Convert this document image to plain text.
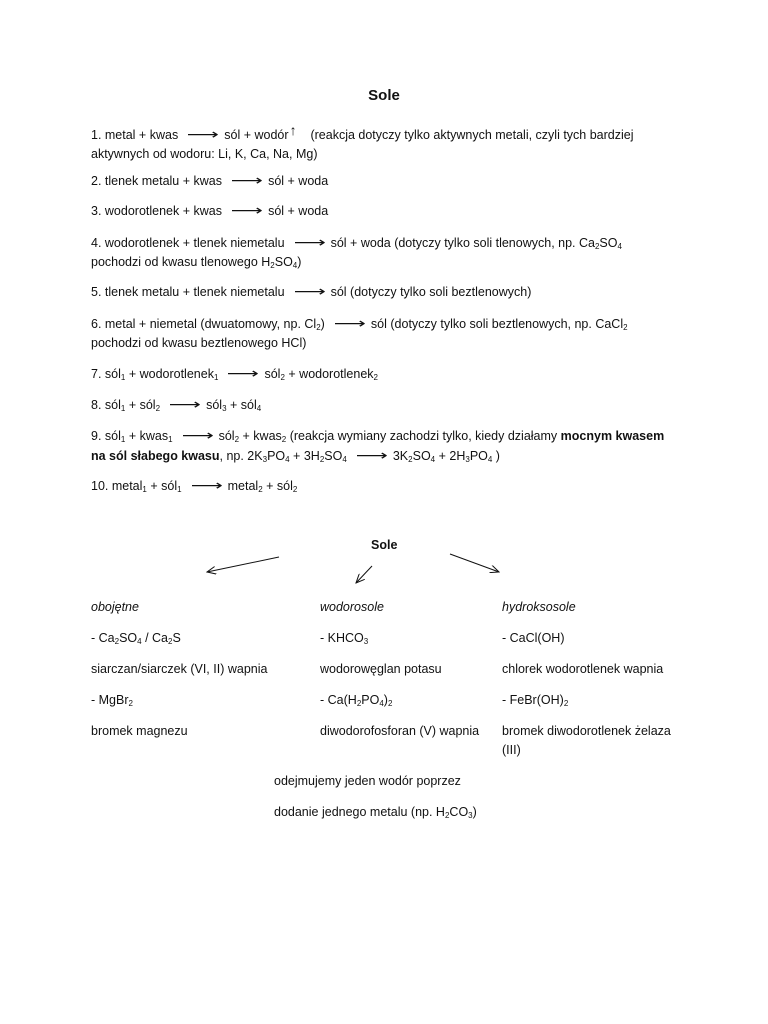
Sole

1. metal + kwas ⟶ sól + wodór↑ (reakcja dotyczy tylko aktywnych metali, czyli tych bardziej aktywnych od wodoru: Li, K, Ca, Na, Mg)

2. tlenek metalu + kwas ⟶ sól + woda

3. wodorotlenek + kwas ⟶ sól + woda

4. wodorotlenek + tlenek niemetalu ⟶ sól + woda (dotyczy tylko soli tlenowych, np. $Ca_2SO_4$
pochodzi od kwasu tlenowego $H_2SO_4$)

5. tlenek metalu + tlenek niemetalu ⟶ sól (dotyczy tylko soli beztlenowych)

6. metal + niemetal (dwuatomowy, np. $Cl_2$) ⟶ sól (dotyczy tylko soli beztlenowych, np. CaCl$_2$
pochodzi od kwasu beztlenowego HCl)

7. sól$_1$ + wodorotlenek$_1$ ⟶ sól$_2$ + wodorotlenek$_2$

8. sól$_1$ + sól$_2$ ⟶ sól$_3$ + sól$_4$

9. sól$_1$ + kwas$_1$ ⟶ sól$_2$ + kwas$_2$ (reakcja wymiany zachodzi tylko, kiedy działamy mocnym kwasem
na sól słabego kwasu, np. $2K_3PO_4 + 3H_2SO_4$ ⟶ $3K_2SO_4 + 2H_3PO_4$ )

10. metal$_1$ + sól$_1$ ⟶ metal$_2$ + sól$_2$

Sole

obojętne

- $Ca_2SO_4 / Ca_2S$

siarczan/siarczek (VI, II) wapnia

- MgBr$_2$

bromek magnezu

wodorosole

- $KHCO_3$

wodorowęglan potasu

- $Ca(H_2PO_4)_2$

diwodorofosforan (V) wapnia

hydroksosole

- CaCl(OH)

chlorek wodorotlenek wapnia

- $FeBr(OH)_2$

bromek diwodorotlenek żelaza (III)

odejmujemy jeden wodór poprzez

dodanie jednego metalu (np. $H_2CO_3$)
